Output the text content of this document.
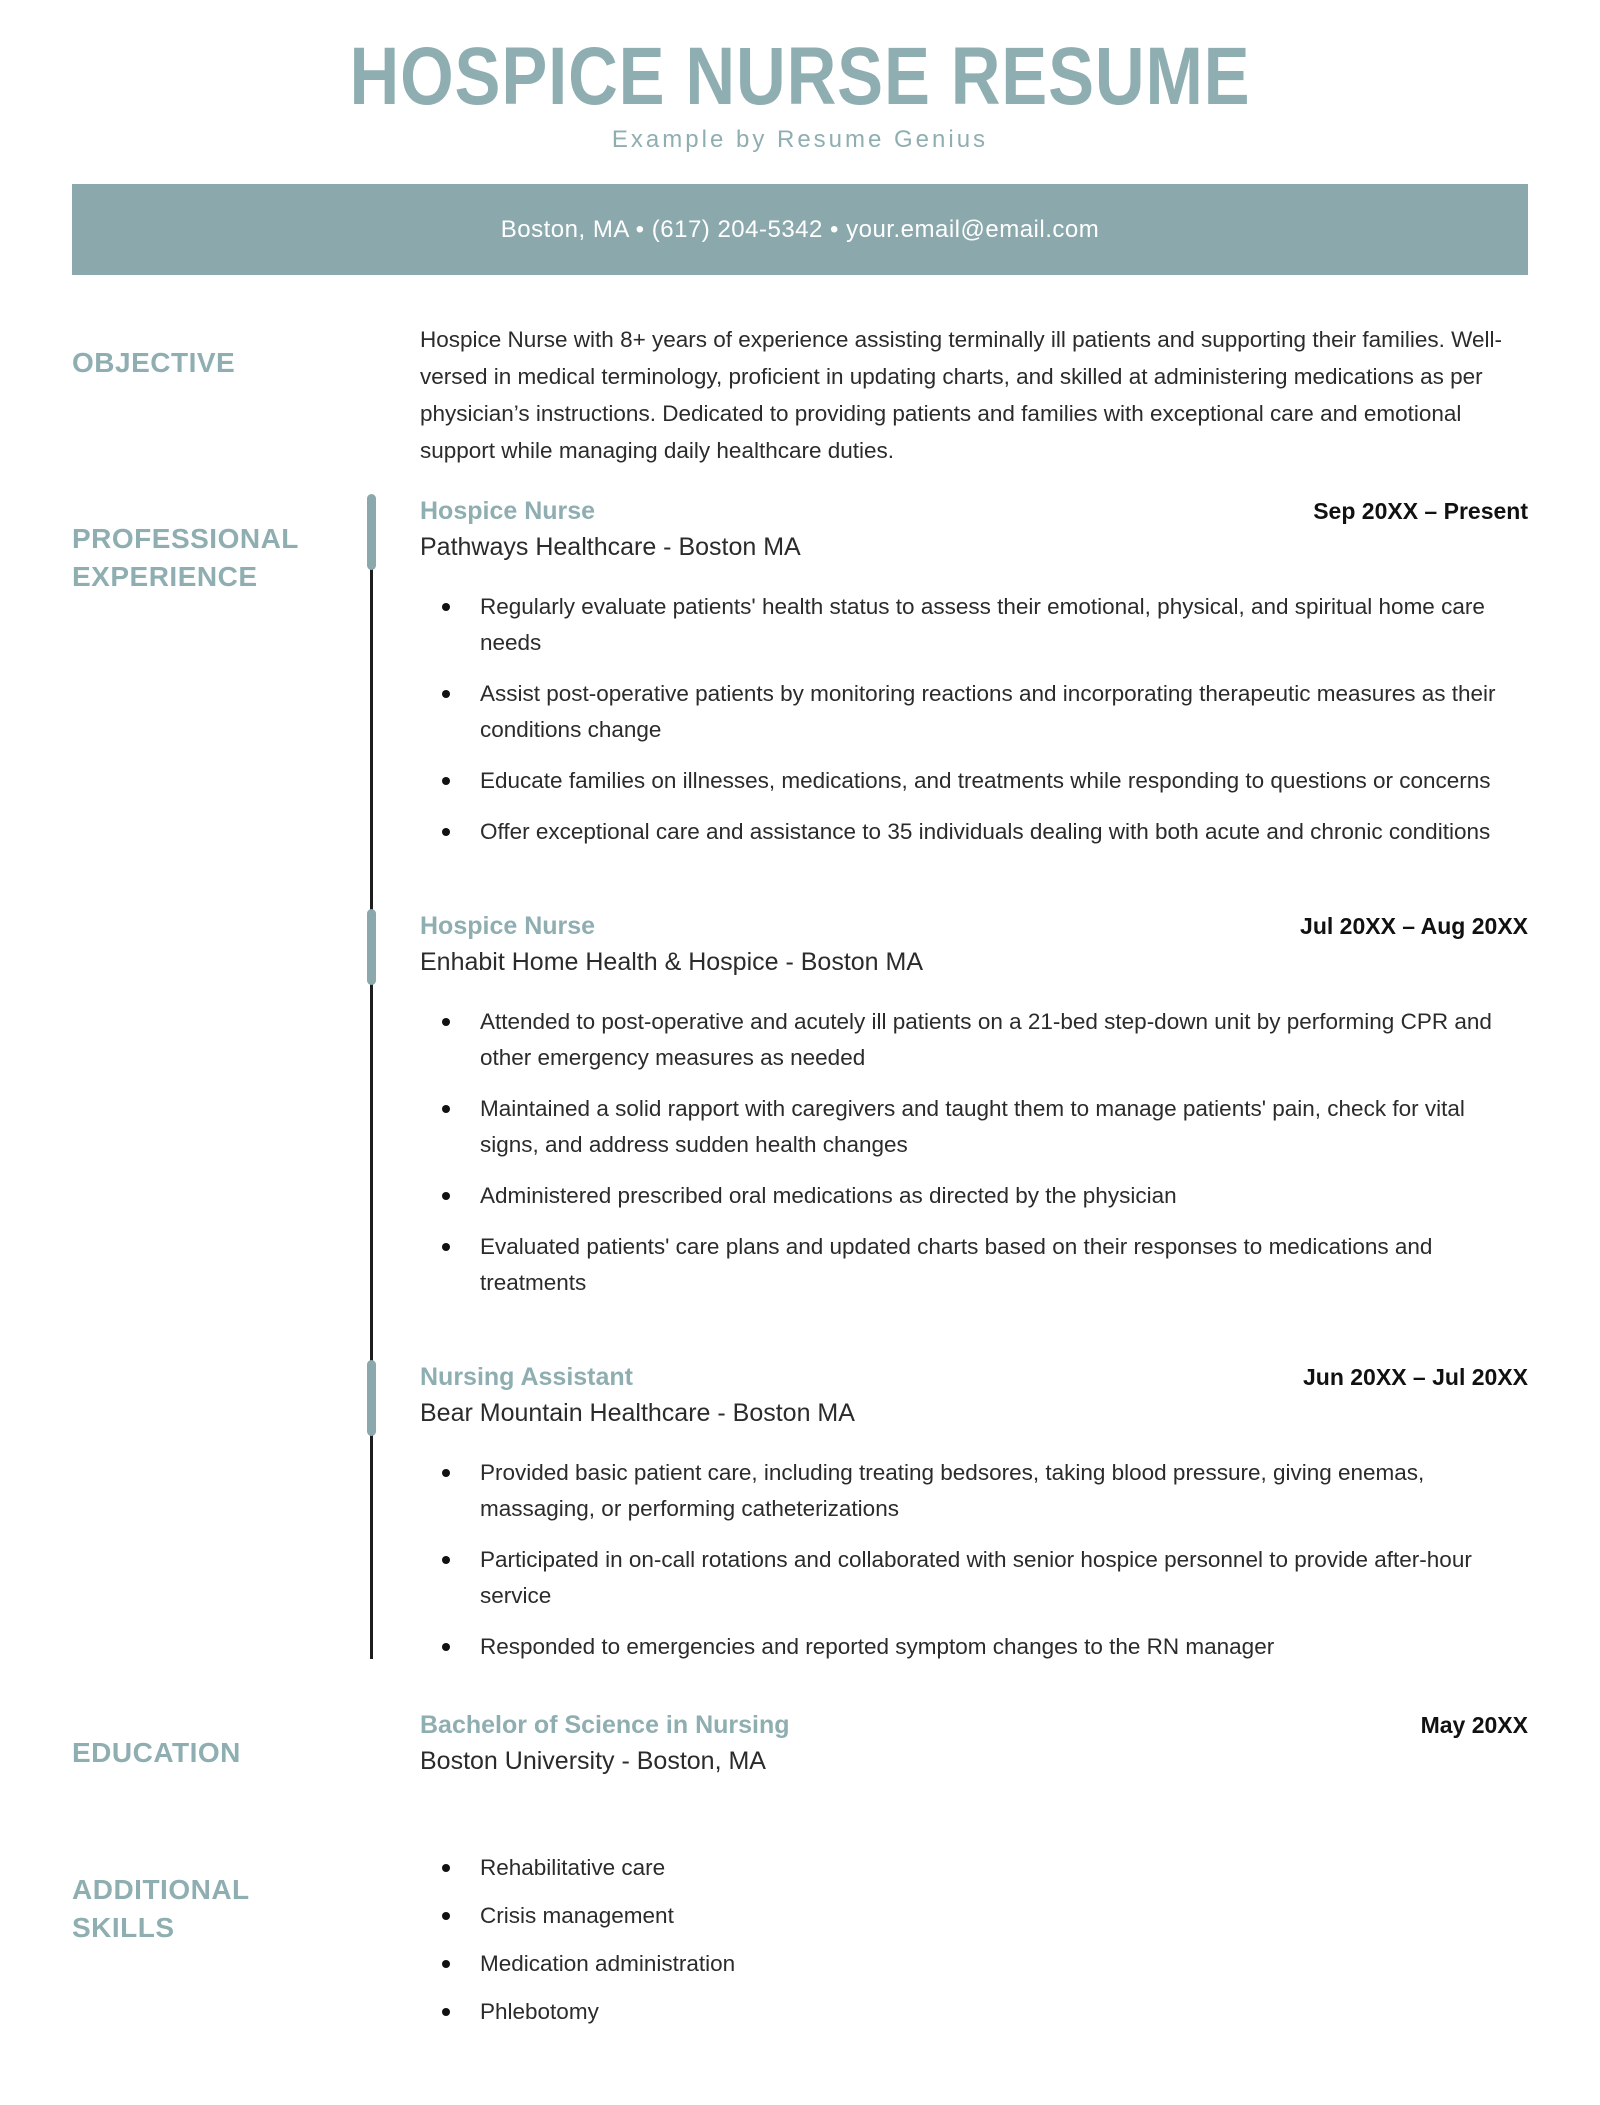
HOSPICE NURSE RESUME
Example by Resume Genius
Boston, MA • (617) 204-5342 • your.email@email.com
OBJECTIVE

Hospice Nurse with 8+ years of experience assisting terminally ill patients and supporting their families. Well-versed in medical terminology, proficient in updating charts, and skilled at administering medications as per physician’s instructions. Dedicated to providing patients and families with exceptional care and emotional support while managing daily healthcare duties.

PROFESSIONAL EXPERIENCE
Hospice Nurse	Sep 20XX – Present
Pathways Healthcare - Boston MA
Regularly evaluate patients' health status to assess their emotional, physical, and spiritual home care needs
Assist post-operative patients by monitoring reactions and incorporating therapeutic measures as their conditions change
Educate families on illnesses, medications, and treatments while responding to questions or concerns
Offer exceptional care and assistance to 35 individuals dealing with both acute and chronic conditions
Hospice Nurse	Jul 20XX – Aug 20XX
Enhabit Home Health & Hospice - Boston MA
Attended to post-operative and acutely ill patients on a 21-bed step-down unit by performing CPR and other emergency measures as needed
Maintained a solid rapport with caregivers and taught them to manage patients' pain, check for vital signs, and address sudden health changes
Administered prescribed oral medications as directed by the physician
Evaluated patients' care plans and updated charts based on their responses to medications and treatments
Nursing Assistant	Jun 20XX – Jul 20XX
Bear Mountain Healthcare - Boston MA
Provided basic patient care, including treating bedsores, taking blood pressure, giving enemas, massaging, or performing catheterizations
Participated in on-call rotations and collaborated with senior hospice personnel to provide after-hour service
Responded to emergencies and reported symptom changes to the RN manager
EDUCATION
Bachelor of Science in Nursing	May 20XX
Boston University - Boston, MA
ADDITIONAL SKILLS
Rehabilitative care
Crisis management
Medication administration
Phlebotomy
